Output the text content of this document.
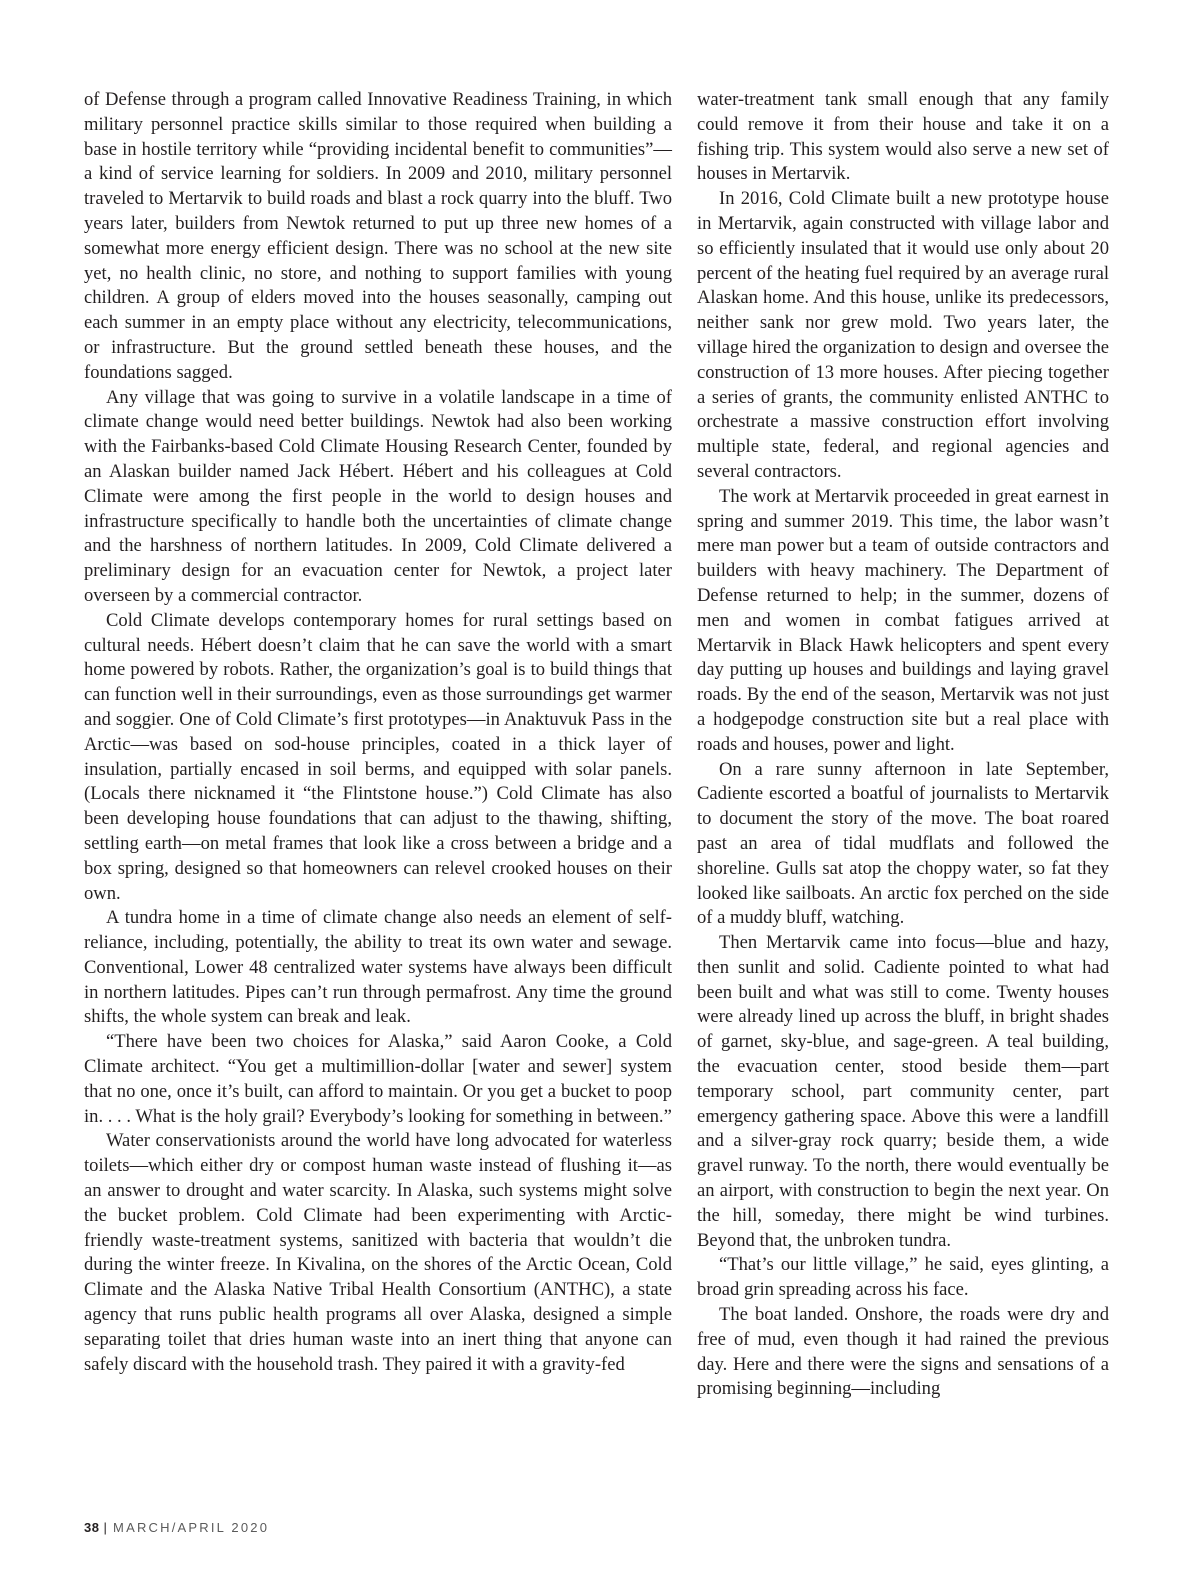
of Defense through a program called Innovative Readiness Training, in which military personnel practice skills similar to those required when building a base in hostile territory while “providing incidental benefit to communities”—a kind of service learning for soldiers. In 2009 and 2010, military personnel traveled to Mertarvik to build roads and blast a rock quarry into the bluff. Two years later, builders from Newtok returned to put up three new homes of a somewhat more energy efficient design. There was no school at the new site yet, no health clinic, no store, and nothing to support families with young children. A group of elders moved into the houses seasonally, camping out each summer in an empty place without any electricity, telecommunications, or infrastructure. But the ground settled beneath these houses, and the foundations sagged.

Any village that was going to survive in a volatile landscape in a time of climate change would need better buildings. Newtok had also been working with the Fairbanks-based Cold Climate Housing Research Center, founded by an Alaskan builder named Jack Hébert. Hébert and his colleagues at Cold Climate were among the first people in the world to design houses and infrastructure specifically to handle both the uncertainties of climate change and the harshness of northern latitudes. In 2009, Cold Climate delivered a preliminary design for an evacuation center for Newtok, a project later overseen by a commercial contractor.

Cold Climate develops contemporary homes for rural settings based on cultural needs. Hébert doesn’t claim that he can save the world with a smart home powered by robots. Rather, the organization’s goal is to build things that can function well in their surroundings, even as those surroundings get warmer and soggier. One of Cold Climate’s first prototypes—in Anaktuvuk Pass in the Arctic—was based on sod-house principles, coated in a thick layer of insulation, partially encased in soil berms, and equipped with solar panels. (Locals there nicknamed it “the Flintstone house.”) Cold Climate has also been developing house foundations that can adjust to the thawing, shifting, settling earth—on metal frames that look like a cross between a bridge and a box spring, designed so that homeowners can relevel crooked houses on their own.

A tundra home in a time of climate change also needs an element of self-reliance, including, potentially, the ability to treat its own water and sewage. Conventional, Lower 48 centralized water systems have always been difficult in northern latitudes. Pipes can’t run through permafrost. Any time the ground shifts, the whole system can break and leak.

“There have been two choices for Alaska,” said Aaron Cooke, a Cold Climate architect. “You get a multimillion-dollar [water and sewer] system that no one, once it’s built, can afford to maintain. Or you get a bucket to poop in. . . . What is the holy grail? Everybody’s looking for something in between.”

Water conservationists around the world have long advocated for waterless toilets—which either dry or compost human waste instead of flushing it—as an answer to drought and water scarcity. In Alaska, such systems might solve the bucket problem. Cold Climate had been experimenting with Arctic-friendly waste-treatment systems, sanitized with bacteria that wouldn’t die during the winter freeze. In Kivalina, on the shores of the Arctic Ocean, Cold Climate and the Alaska Native Tribal Health Consortium (ANTHC), a state agency that runs public health programs all over Alaska, designed a simple separating toilet that dries human waste into an inert thing that anyone can safely discard with the household trash. They paired it with a gravity-fed

water-treatment tank small enough that any family could remove it from their house and take it on a fishing trip. This system would also serve a new set of houses in Mertarvik.

In 2016, Cold Climate built a new prototype house in Mertarvik, again constructed with village labor and so efficiently insulated that it would use only about 20 percent of the heating fuel required by an average rural Alaskan home. And this house, unlike its predecessors, neither sank nor grew mold. Two years later, the village hired the organization to design and oversee the construction of 13 more houses. After piecing together a series of grants, the community enlisted ANTHC to orchestrate a massive construction effort involving multiple state, federal, and regional agencies and several contractors.

The work at Mertarvik proceeded in great earnest in spring and summer 2019. This time, the labor wasn’t mere man power but a team of outside contractors and builders with heavy machinery. The Department of Defense returned to help; in the summer, dozens of men and women in combat fatigues arrived at Mertarvik in Black Hawk helicopters and spent every day putting up houses and buildings and laying gravel roads. By the end of the season, Mertarvik was not just a hodgepodge construction site but a real place with roads and houses, power and light.

On a rare sunny afternoon in late September, Cadiente escorted a boatful of journalists to Mertarvik to document the story of the move. The boat roared past an area of tidal mudflats and followed the shoreline. Gulls sat atop the choppy water, so fat they looked like sailboats. An arctic fox perched on the side of a muddy bluff, watching.

Then Mertarvik came into focus—blue and hazy, then sunlit and solid. Cadiente pointed to what had been built and what was still to come. Twenty houses were already lined up across the bluff, in bright shades of garnet, sky-blue, and sage-green. A teal building, the evacuation center, stood beside them—part temporary school, part community center, part emergency gathering space. Above this were a landfill and a silver-gray rock quarry; beside them, a wide gravel runway. To the north, there would eventually be an airport, with construction to begin the next year. On the hill, someday, there might be wind turbines. Beyond that, the unbroken tundra.

“That’s our little village,” he said, eyes glinting, a broad grin spreading across his face.

The boat landed. Onshore, the roads were dry and free of mud, even though it had rained the previous day. Here and there were the signs and sensations of a promising beginning—including

38 | MARCH/APRIL 2020
